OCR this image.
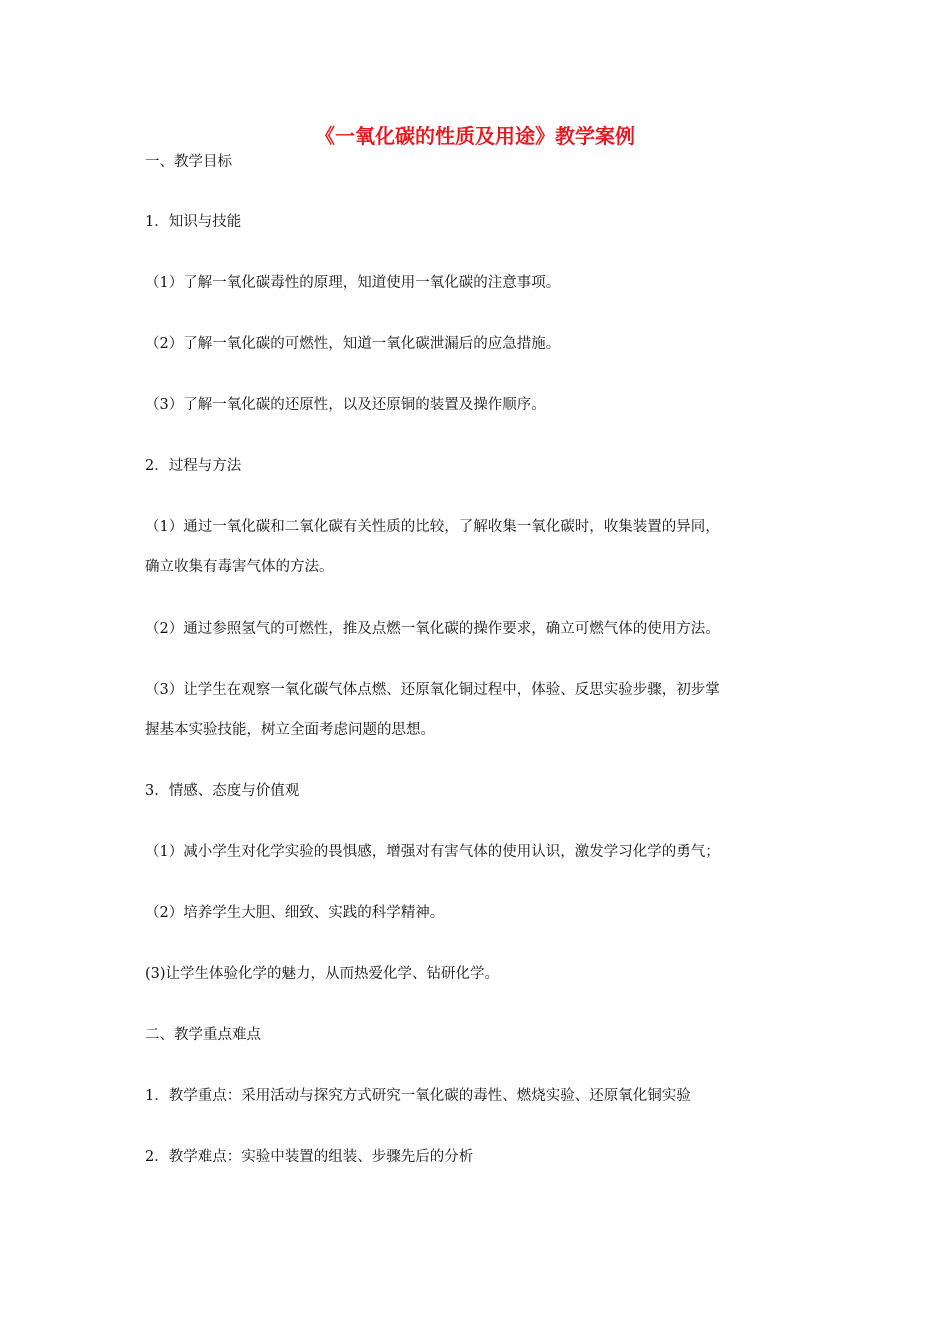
《一氧化碳的性质及用途》教学案例

一、教学目标

1．知识与技能

（1）了解一氧化碳毒性的原理，知道使用一氧化碳的注意事项。

（2）了解一氧化碳的可燃性，知道一氧化碳泄漏后的应急措施。

（3）了解一氧化碳的还原性，以及还原铜的装置及操作顺序。

2．过程与方法

（1）通过一氧化碳和二氧化碳有关性质的比较，了解收集一氧化碳时，收集装置的异同，

确立收集有毒害气体的方法。

（2）通过参照氢气的可燃性，推及点燃一氧化碳的操作要求，确立可燃气体的使用方法。

（3）让学生在观察一氧化碳气体点燃、还原氧化铜过程中，体验、反思实验步骤，初步掌

握基本实验技能，树立全面考虑问题的思想。

3．情感、态度与价值观

（1）减小学生对化学实验的畏惧感，增强对有害气体的使用认识，激发学习化学的勇气；

（2）培养学生大胆、细致、实践的科学精神。

(3)让学生体验化学的魅力，从而热爱化学、钻研化学。

二、教学重点难点

1．教学重点：采用活动与探究方式研究一氧化碳的毒性、燃烧实验、还原氧化铜实验

2．教学难点：实验中装置的组装、步骤先后的分析
